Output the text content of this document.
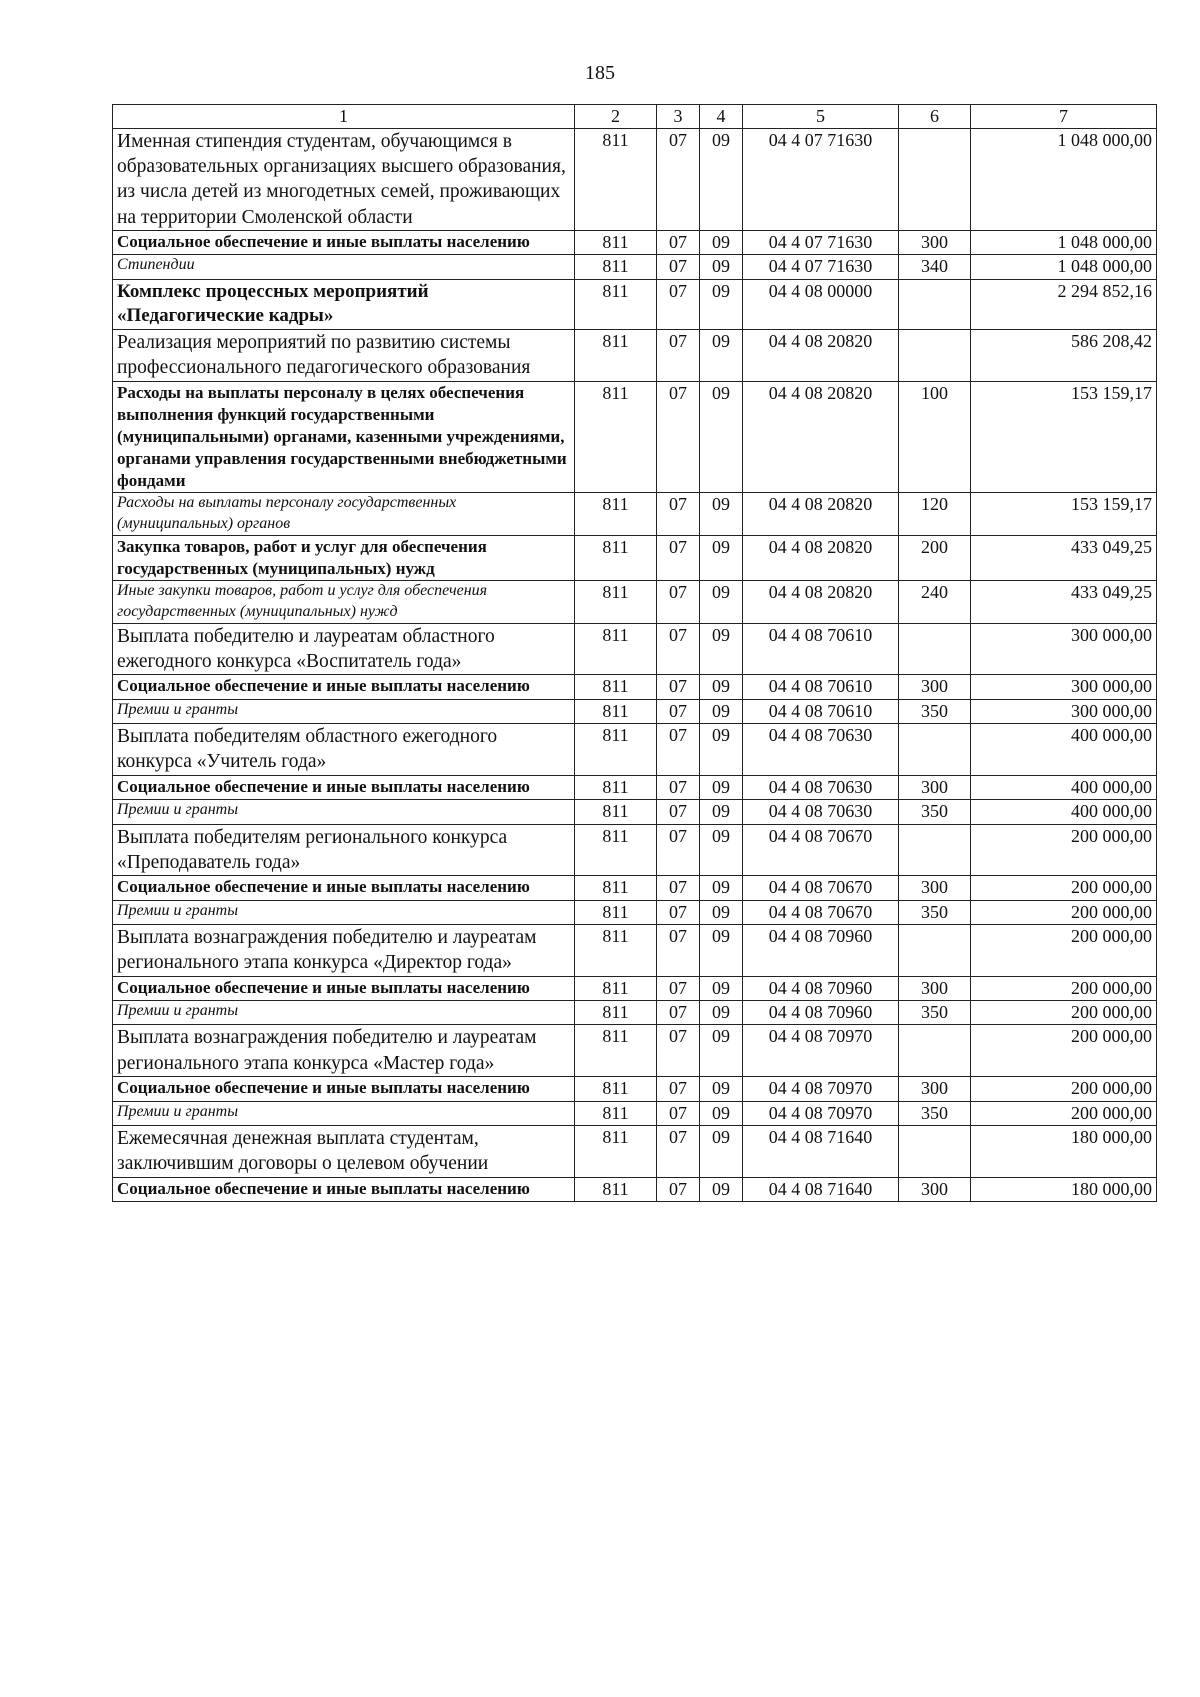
185
1	2	3	4	5	6	7
Именная стипендия студентам, обучающимся в образовательных организациях высшего образования, из числа детей из многодетных семей, проживающих на территории Смоленской области	811	07	09	04 4 07 71630		1 048 000,00
Социальное обеспечение и иные выплаты населению	811	07	09	04 4 07 71630	300	1 048 000,00
Стипендии	811	07	09	04 4 07 71630	340	1 048 000,00
Комплекс процессных мероприятий «Педагогические кадры»	811	07	09	04 4 08 00000		2 294 852,16
Реализация мероприятий по развитию системы профессионального педагогического образования	811	07	09	04 4 08 20820		586 208,42
Расходы на выплаты персоналу в целях обеспечения выполнения функций государственными (муниципальными) органами, казенными учреждениями, органами управления государственными внебюджетными фондами	811	07	09	04 4 08 20820	100	153 159,17
Расходы на выплаты персоналу государственных (муниципальных) органов	811	07	09	04 4 08 20820	120	153 159,17
Закупка товаров, работ и услуг для обеспечения государственных (муниципальных) нужд	811	07	09	04 4 08 20820	200	433 049,25
Иные закупки товаров, работ и услуг для обеспечения государственных (муниципальных) нужд	811	07	09	04 4 08 20820	240	433 049,25
Выплата победителю и лауреатам областного ежегодного конкурса «Воспитатель года»	811	07	09	04 4 08 70610		300 000,00
Социальное обеспечение и иные выплаты населению	811	07	09	04 4 08 70610	300	300 000,00
Премии и гранты	811	07	09	04 4 08 70610	350	300 000,00
Выплата победителям областного ежегодного конкурса «Учитель года»	811	07	09	04 4 08 70630		400 000,00
Социальное обеспечение и иные выплаты населению	811	07	09	04 4 08 70630	300	400 000,00
Премии и гранты	811	07	09	04 4 08 70630	350	400 000,00
Выплата победителям регионального конкурса «Преподаватель года»	811	07	09	04 4 08 70670		200 000,00
Социальное обеспечение и иные выплаты населению	811	07	09	04 4 08 70670	300	200 000,00
Премии и гранты	811	07	09	04 4 08 70670	350	200 000,00
Выплата вознаграждения победителю и лауреатам регионального этапа конкурса «Директор года»	811	07	09	04 4 08 70960		200 000,00
Социальное обеспечение и иные выплаты населению	811	07	09	04 4 08 70960	300	200 000,00
Премии и гранты	811	07	09	04 4 08 70960	350	200 000,00
Выплата вознаграждения победителю и лауреатам регионального этапа конкурса «Мастер года»	811	07	09	04 4 08 70970		200 000,00
Социальное обеспечение и иные выплаты населению	811	07	09	04 4 08 70970	300	200 000,00
Премии и гранты	811	07	09	04 4 08 70970	350	200 000,00
Ежемесячная денежная выплата студентам, заключившим договоры о целевом обучении	811	07	09	04 4 08 71640		180 000,00
Социальное обеспечение и иные выплаты населению	811	07	09	04 4 08 71640	300	180 000,00
